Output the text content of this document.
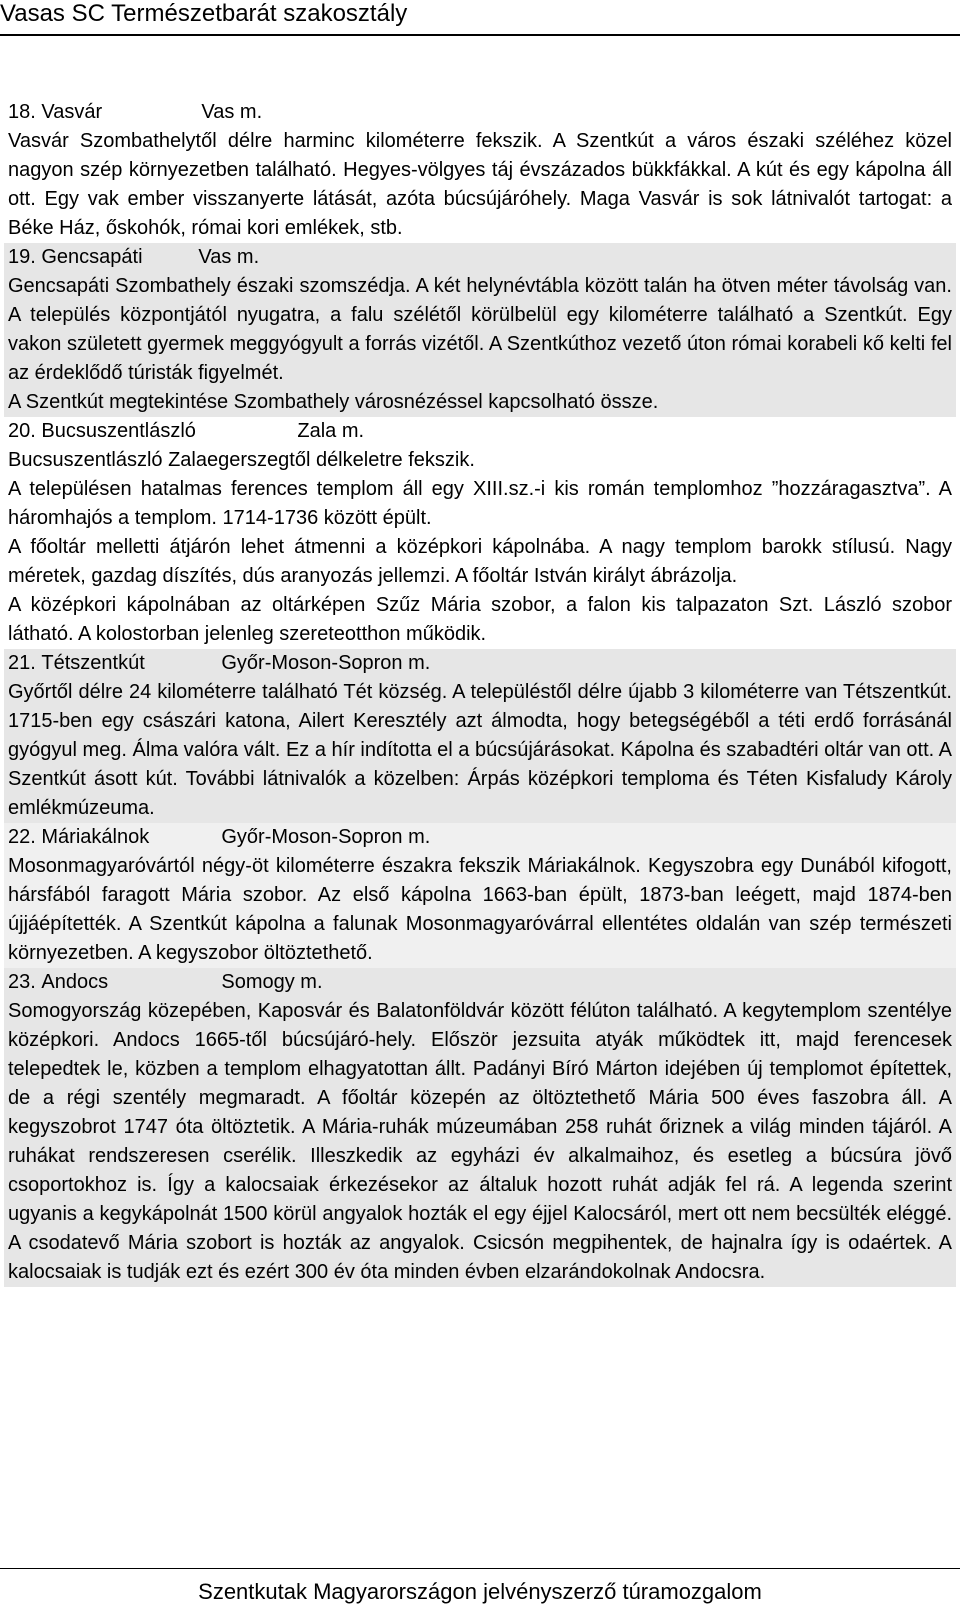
Vasas SC Természetbarát szakosztály
18. Vasvár	Vas m.
Vasvár Szombathelytől délre harminc kilométerre fekszik. A Szentkút a város északi széléhez közel nagyon szép környezetben található. Hegyes-völgyes táj évszázados bükkfákkal. A kút és egy kápolna áll ott. Egy vak ember visszanyerte látását, azóta búcsújáróhely. Maga Vasvár is sok látnivalót tartogat: a Béke Ház, őskohók, római kori emlékek, stb.
19. Gencsapáti	Vas m.
Gencsapáti Szombathely északi szomszédja. A két helynévtábla között talán ha ötven méter távolság van. A település központjától nyugatra, a falu szélétől körülbelül egy kilométerre található a Szentkút. Egy vakon született gyermek meggyógyult a forrás vizétől. A Szentkúthoz vezető úton római korabeli kő kelti fel az érdeklődő túristák figyelmét.
A Szentkút megtekintése Szombathely városnézéssel kapcsolható össze.
20. Bucsuszentlászló	Zala m.
Bucsuszentlászló Zalaegerszegtől délkeletre fekszik.
A településen hatalmas ferences templom áll egy XIII.sz.-i kis román templomhoz ”hozzáragasztva”. A háromhajós a templom. 1714-1736 között épült.
A főoltár melletti átjárón lehet átmenni a középkori kápolnába. A nagy templom barokk stílusú. Nagy méretek, gazdag díszítés, dús aranyozás jellemzi. A főoltár István királyt ábrázolja.
A középkori kápolnában az oltárképen Szűz Mária szobor, a falon kis talpazaton Szt. László szobor látható. A kolostorban jelenleg szereteotthon működik.
21. Tétszentkút	Győr-Moson-Sopron m.
Győrtől délre 24 kilométerre található Tét község. A településtől délre újabb 3 kilométerre van Tétszentkút. 1715-ben egy császári katona, Ailert Keresztély azt álmodta, hogy betegségéből a téti erdő forrásánál gyógyul meg. Álma valóra vált. Ez a hír indította el a búcsújárásokat. Kápolna és szabadtéri oltár van ott. A Szentkút ásott kút. További látnivalók a közelben: Árpás középkori temploma és Téten Kisfaludy Károly emlékmúzeuma.
22. Máriakálnok	Győr-Moson-Sopron m.
Mosonmagyaróvártól négy-öt kilométerre északra fekszik Máriakálnok. Kegyszobra egy Dunából kifogott, hársfából faragott Mária szobor. Az első kápolna 1663-ban épült, 1873-ban leégett, majd 1874-ben újjáépítették. A Szentkút kápolna a falunak Mosonmagyaróvárral ellentétes oldalán van szép természeti környezetben. A kegyszobor öltöztethető.
23. Andocs	Somogy m.
Somogyország közepében, Kaposvár és Balatonföldvár között félúton található. A kegytemplom szentélye középkori. Andocs 1665-től búcsújáró-hely. Először jezsuita atyák működtek itt, majd ferencesek telepedtek le, közben a templom elhagyatottan állt. Padányi Bíró Márton idejében új templomot építettek, de a régi szentély megmaradt. A főoltár közepén az öltöztethető Mária 500 éves faszobra áll. A kegyszobrot 1747 óta öltöztetik. A Mária-ruhák múzeumában 258 ruhát őriznek a világ minden tájáról. A ruhákat rendszeresen cserélik. Illeszkedik az egyházi év alkalmaihoz, és esetleg a búcsúra jövő csoportokhoz is. Így a kalocsaiak érkezésekor az általuk hozott ruhát adják fel rá. A legenda szerint ugyanis a kegykápolnát 1500 körül angyalok hozták el egy éjjel Kalocsáról, mert ott nem becsülték eléggé. A csodatevő Mária szobort is hozták az angyalok. Csicsón megpihentek, de hajnalra így is odaértek. A kalocsaiak is tudják ezt és ezért 300 év óta minden évben elzarándokolnak Andocsra.
Szentkutak Magyarországon jelvényszerző túramozgalom
